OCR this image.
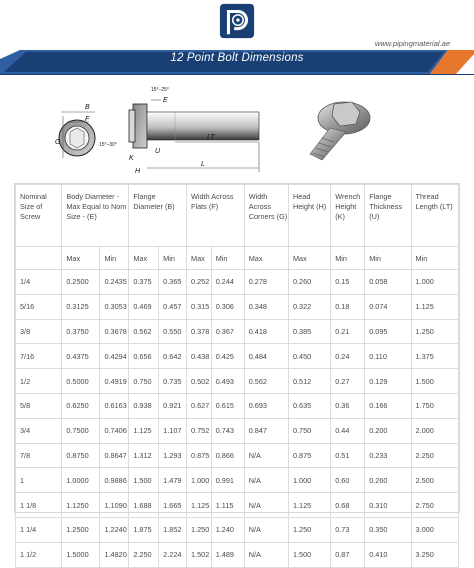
www.pipingmaterial.ae
12 Point Bolt Dimensions
B
F
G
15°–25°
15°–30°
E
LT
U
K
H
L
Nominal Size of Screw	Body Diameter - Max Equal to Nom Size - (E)		Flange Diameter (B)		Width Across Flats (F)		Width Across Corners (G)	Head Height (H)	Wrench Height (K)	Flange Thickness (U)	Thread Length (LT)
	Max	Min	Max	Min	Max	Min	Max	Max	Min	Min	Min
1/4	0.2500	0.2435	0.375	0.365	0.252	0.244	0.278	0.260	0.15	0.058	1.000
5/16	0.3125	0.3053	0.469	0.457	0.315	0.306	0.348	0.322	0.18	0.074	1.125
3/8	0.3750	0.3678	0.562	0.550	0.378	0.367	0.418	0.385	0.21	0.095	1.250
7/16	0.4375	0.4294	0.656	0.642	0.438	0.425	0.484	0.450	0.24	0.110	1.375
1/2	0.5000	0.4919	0.750	0.735	0.502	0.493	0.562	0.512	0.27	0.129	1.500
5/8	0.6250	0.6163	0.938	0.921	0.627	0.615	0.693	0.635	0.36	0.166	1.750
3/4	0.7500	0.7406	1.125	1.107	0.752	0.743	0.847	0.750	0.44	0.200	2.000
7/8	0.8750	0.8647	1.312	1.293	0.875	0.866	N/A	0.875	0.51	0.233	2.250
1	1.0000	0.9886	1.500	1.479	1.000	0.991	N/A	1.000	0.60	0.260	2.500
1 1/8	1.1250	1.1090	1.688	1.665	1.125	1.115	N/A	1.125	0.68	0.310	2.750
1 1/4	1.2500	1.2240	1.875	1.852	1.250	1.240	N/A	1.250	0.73	0.350	3.000
1 1/2	1.5000	1.4820	2.250	2.224	1.502	1.489	N/A	1.500	0.87	0.410	3.250
